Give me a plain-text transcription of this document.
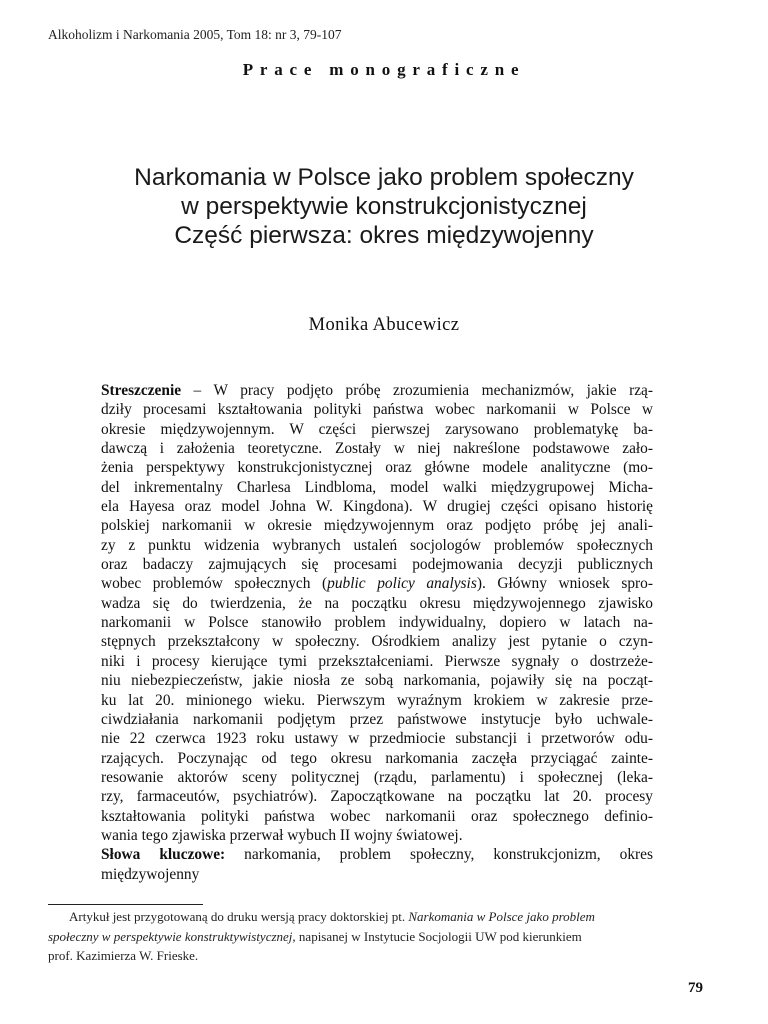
Alkoholizm i Narkomania 2005, Tom 18: nr 3, 79-107
Prace monograficzne
Narkomania w Polsce jako problem społeczny
w perspektywie konstrukcjonistycznej
Część pierwsza: okres międzywojenny
Monika Abucewicz
Streszczenie – W pracy podjęto próbę zrozumienia mechanizmów, jakie rzą-
dziły procesami kształtowania polityki państwa wobec narkomanii w Polsce w
okresie międzywojennym. W części pierwszej zarysowano problematykę ba-
dawczą i założenia teoretyczne. Zostały w niej nakreślone podstawowe zało-
żenia perspektywy konstrukcjonistycznej oraz główne modele analityczne (mo-
del inkrementalny Charlesa Lindbloma, model walki międzygrupowej Micha-
ela Hayesa oraz model Johna W. Kingdona). W drugiej części opisano historię
polskiej narkomanii w okresie międzywojennym oraz podjęto próbę jej anali-
zy z punktu widzenia wybranych ustaleń socjologów problemów społecznych
oraz badaczy zajmujących się procesami podejmowania decyzji publicznych
wobec problemów społecznych (public policy analysis). Główny wniosek spro-
wadza się do twierdzenia, że na początku okresu międzywojennego zjawisko
narkomanii w Polsce stanowiło problem indywidualny, dopiero w latach na-
stępnych przekształcony w społeczny. Ośrodkiem analizy jest pytanie o czyn-
niki i procesy kierujące tymi przekształceniami. Pierwsze sygnały o dostrzeże-
niu niebezpieczeństw, jakie niosła ze sobą narkomania, pojawiły się na począt-
ku lat 20. minionego wieku. Pierwszym wyraźnym krokiem w zakresie prze-
ciwdziałania narkomanii podjętym przez państwowe instytucje było uchwale-
nie 22 czerwca 1923 roku ustawy w przedmiocie substancji i przetworów odu-
rzających. Poczynając od tego okresu narkomania zaczęła przyciągać zainte-
resowanie aktorów sceny politycznej (rządu, parlamentu) i społecznej (leka-
rzy, farmaceutów, psychiatrów). Zapoczątkowane na początku lat 20. procesy
kształtowania polityki państwa wobec narkomanii oraz społecznego definio-
wania tego zjawiska przerwał wybuch II wojny światowej.
Słowa kluczowe: narkomania, problem społeczny, konstrukcjonizm, okres
międzywojenny
Artykuł jest przygotowaną do druku wersją pracy doktorskiej pt. Narkomania w Polsce jako problem
społeczny w perspektywie konstruktywistycznej, napisanej w Instytucie Socjologii UW pod kierunkiem
prof. Kazimierza W. Frieske.
79
